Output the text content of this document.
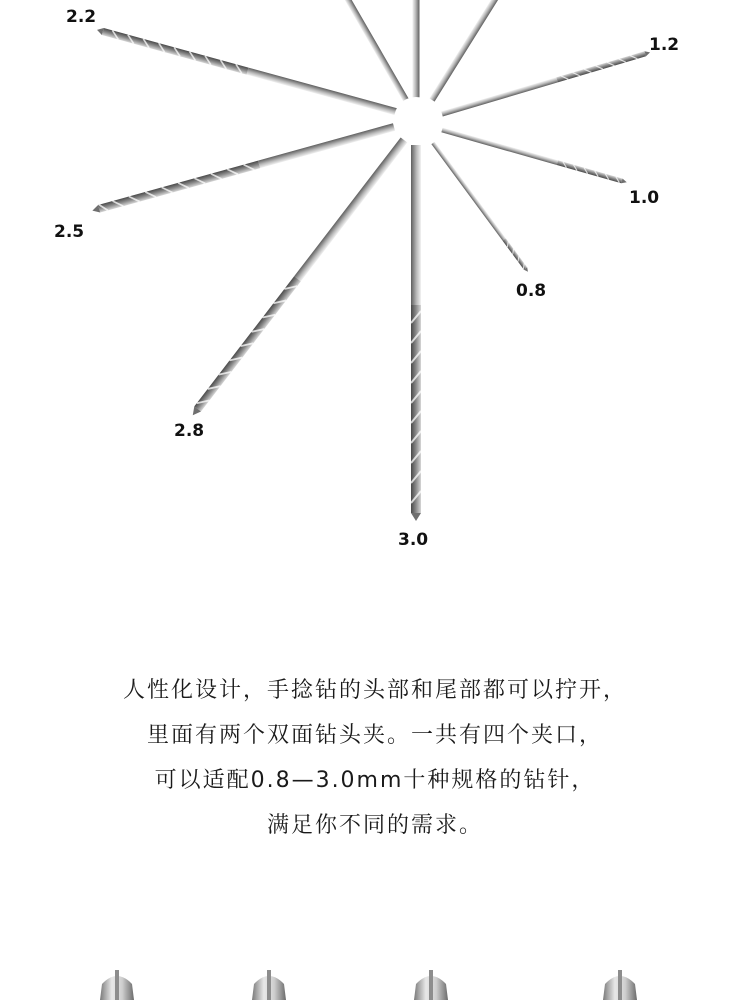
2.2
1.2
1.0
0.8
2.5
2.8
3.0
人性化设计，手捻钻的头部和尾部都可以拧开，
里面有两个双面钻头夹。一共有四个夹口，
可以适配0.8—3.0mm十种规格的钻针，
满足你不同的需求。
